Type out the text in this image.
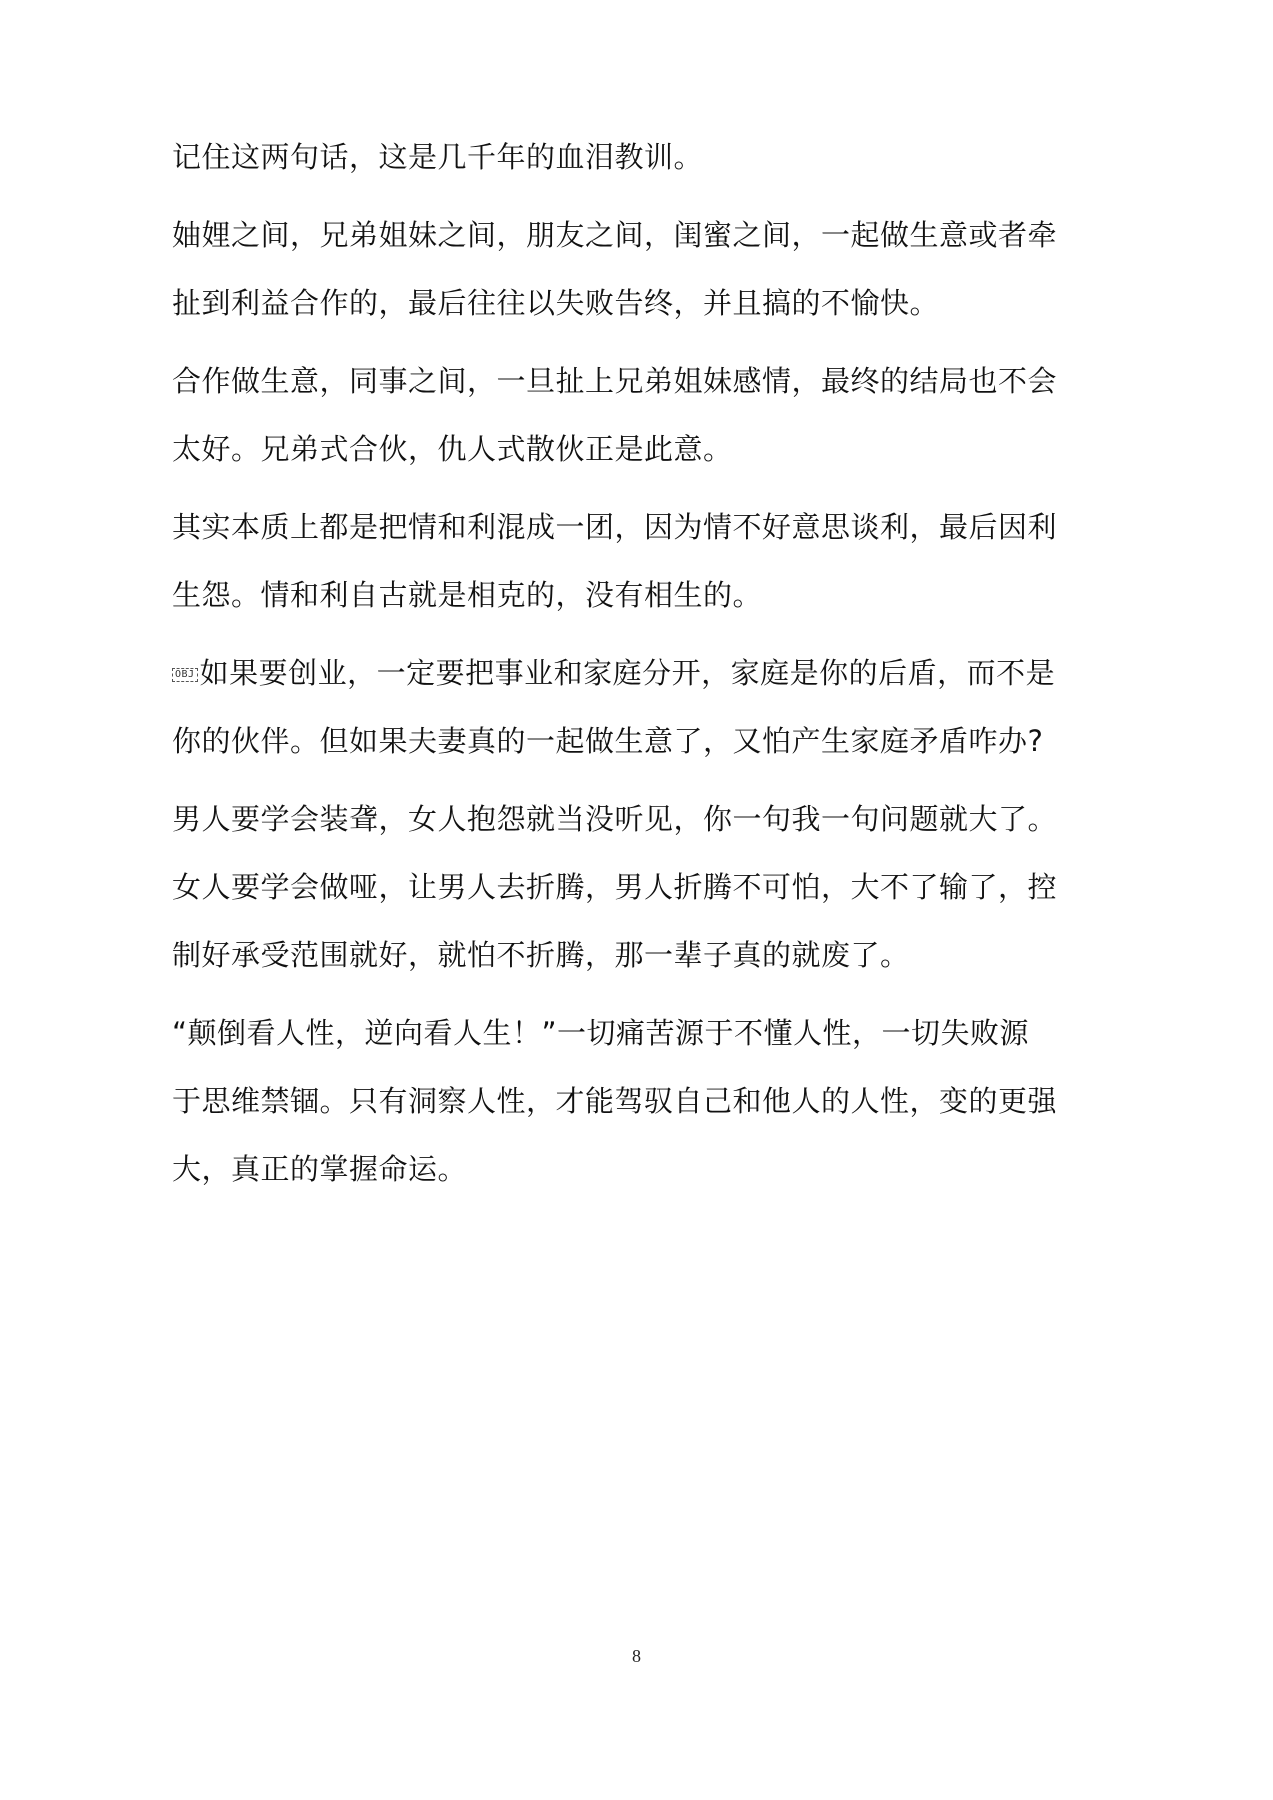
记住这两句话，这是几千年的血泪教训。
妯娌之间，兄弟姐妹之间，朋友之间，闺蜜之间，一起做生意或者牵
扯到利益合作的，最后往往以失败告终，并且搞的不愉快。
合作做生意，同事之间，一旦扯上兄弟姐妹感情，最终的结局也不会
太好。兄弟式合伙，仇人式散伙正是此意。
其实本质上都是把情和利混成一团，因为情不好意思谈利，最后因利
生怨。情和利自古就是相克的，没有相生的。
OBJ 如果要创业，一定要把事业和家庭分开，家庭是你的后盾，而不是
你的伙伴。但如果夫妻真的一起做生意了，又怕产生家庭矛盾咋办?
男人要学会装聋，女人抱怨就当没听见，你一句我一句问题就大了。
女人要学会做哑，让男人去折腾，男人折腾不可怕，大不了输了，控
制好承受范围就好，就怕不折腾，那一辈子真的就废了。
“颠倒看人性，逆向看人生！”一切痛苦源于不懂人性，一切失败源
于思维禁锢。只有洞察人性，才能驾驭自己和他人的人性，变的更强
大，真正的掌握命运。
8
